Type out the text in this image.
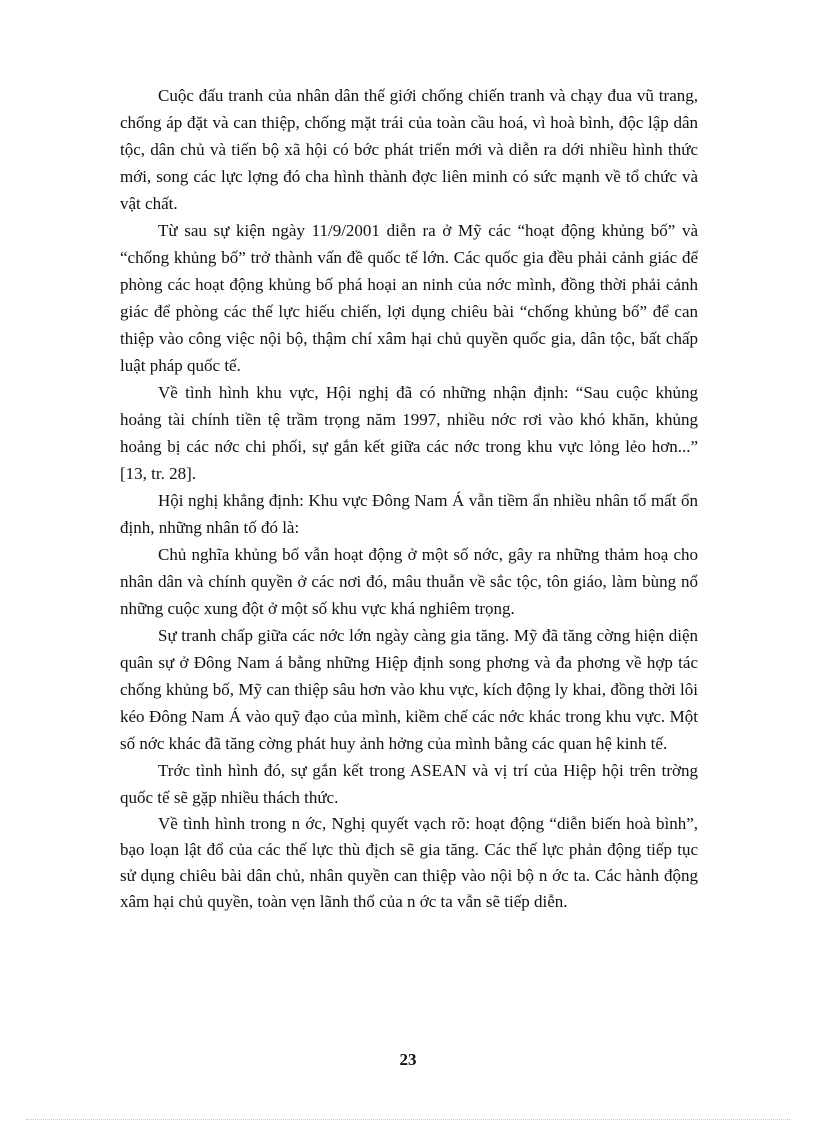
Cuộc đấu tranh của nhân dân thế giới chống chiến tranh và chạy đua vũ trang, chống áp đặt và can thiệp, chống mặt trái của toàn cầu hoá, vì hoà bình, độc lập dân tộc, dân chủ và tiến bộ xã hội có bớc phát triển mới và diễn ra dới nhiều hình thức mới, song các lực lợng đó cha hình thành đợc liên minh có sức mạnh về tổ chức và vật chất.

Từ sau sự kiện ngày 11/9/2001 diễn ra ở Mỹ các “hoạt động khủng bố” và “chống khủng bố” trở thành vấn đề quốc tế lớn. Các quốc gia đều phải cảnh giác để phòng các hoạt động khủng bố phá hoại an ninh của nớc mình, đồng thời phải cảnh giác để phòng các thế lực hiếu chiến, lợi dụng chiêu bài “chống khủng bố” để can thiệp vào công việc nội bộ, thậm chí xâm hại chủ quyền quốc gia, dân tộc, bất chấp luật pháp quốc tế.

Về tình hình khu vực, Hội nghị đã có những nhận định: “Sau cuộc khủng hoảng tài chính tiền tệ trầm trọng năm 1997, nhiều nớc rơi vào khó khăn, khủng hoảng bị các nớc chi phối, sự gắn kết giữa các nớc trong khu vực lỏng lẻo hơn...” [13, tr. 28].

Hội nghị khẳng định: Khu vực Đông Nam Á vẫn tiềm ẩn nhiều nhân tố mất ổn định, những nhân tố đó là:

Chủ nghĩa khủng bố vẫn hoạt động ở một số nớc, gây ra những thảm hoạ cho nhân dân và chính quyền ở các nơi đó, mâu thuẫn về sắc tộc, tôn giáo, làm bùng nổ những cuộc xung đột ở một số khu vực khá nghiêm trọng.

Sự tranh chấp giữa các nớc lớn ngày càng gia tăng. Mỹ đã tăng cờng hiện diện quân sự ở Đông Nam á bằng những Hiệp định song phơng và đa phơng về hợp tác chống khủng bố, Mỹ can thiệp sâu hơn vào khu vực, kích động ly khai, đồng thời lôi kéo Đông Nam Á vào quỹ đạo của mình, kiềm chế các nớc khác trong khu vực. Một số nớc khác đã tăng cờng phát huy ảnh hởng của mình bằng các quan hệ kinh tế.

Trớc tình hình đó, sự gắn kết trong ASEAN và vị trí của Hiệp hội trên trờng quốc tế sẽ gặp nhiều thách thức.

Về tình hình trong n ớc, Nghị quyết vạch rõ: hoạt động “diễn biến hoà bình”, bạo loạn lật đổ của các thế lực thù địch sẽ gia tăng. Các thế lực phản động tiếp tục sử dụng chiêu bài dân chủ, nhân quyền can thiệp vào nội bộ n ớc ta. Các hành động xâm hại chủ quyền, toàn vẹn lãnh thổ của n ớc ta vẫn sẽ tiếp diễn.

23
